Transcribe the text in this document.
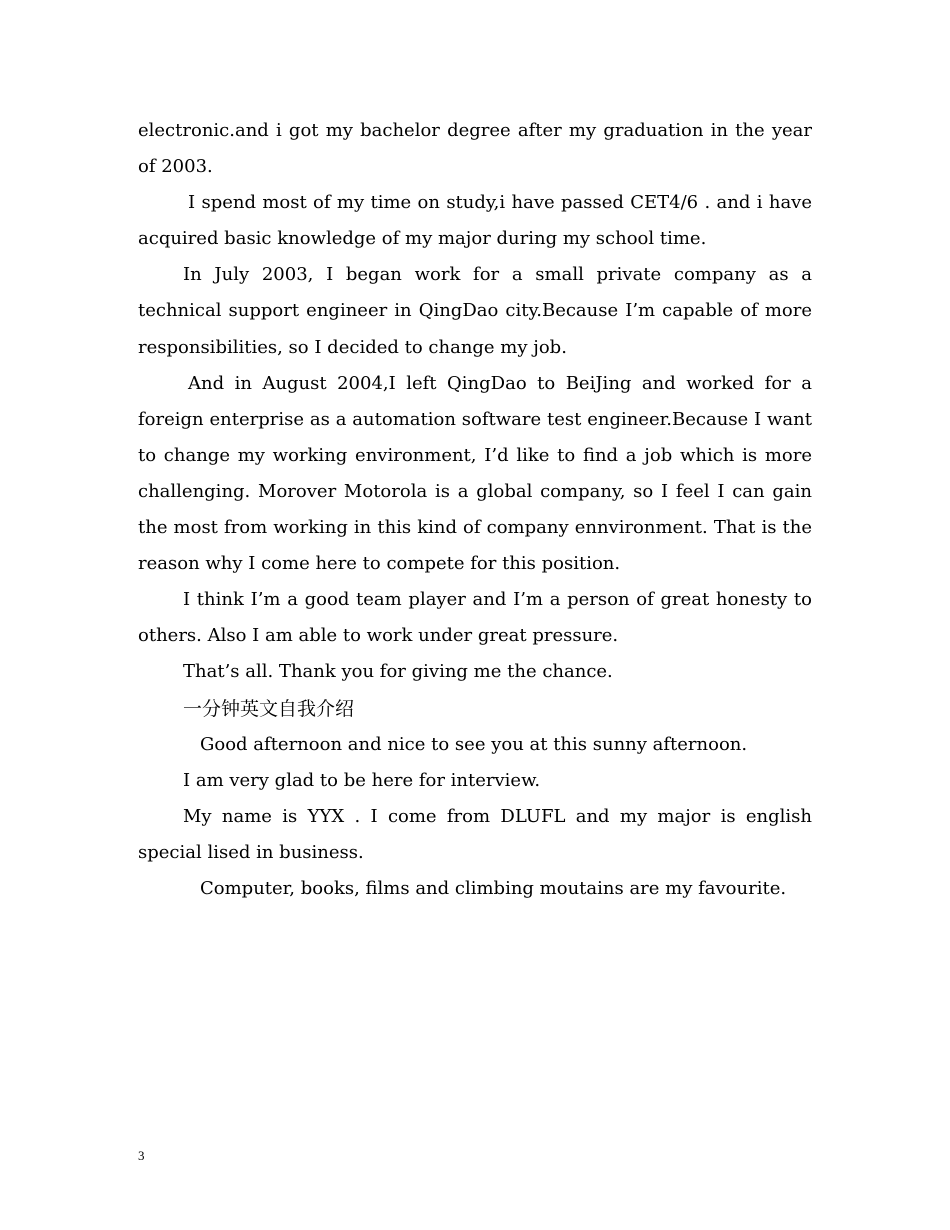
electronic.and i got my bachelor degree after my graduation in the year of 2003.

I spend most of my time on study,i have passed CET4/6 . and i have acquired basic knowledge of my major during my school time.

In July 2003, I began work for a small private company as a technical support engineer in QingDao city.Because I’m capable of more responsibilities, so I decided to change my job.

And in August 2004,I left QingDao to BeiJing and worked for a foreign enterprise as a automation software test engineer.Because I want to change my working environment, I’d like to find a job which is more challenging. Morover Motorola is a global company, so I feel I can gain the most from working in this kind of company ennvironment. That is the reason why I come here to compete for this position.

I think I’m a good team player and I’m a person of great honesty to others. Also I am able to work under great pressure.

That’s all. Thank you for giving me the chance.

一分钟英文自我介绍

Good afternoon and nice to see you at this sunny afternoon.

I am very glad to be here for interview.

My name is YYX . I come from DLUFL and my major is english special lised in business.

Computer, books, films and climbing moutains are my favourite.

3
